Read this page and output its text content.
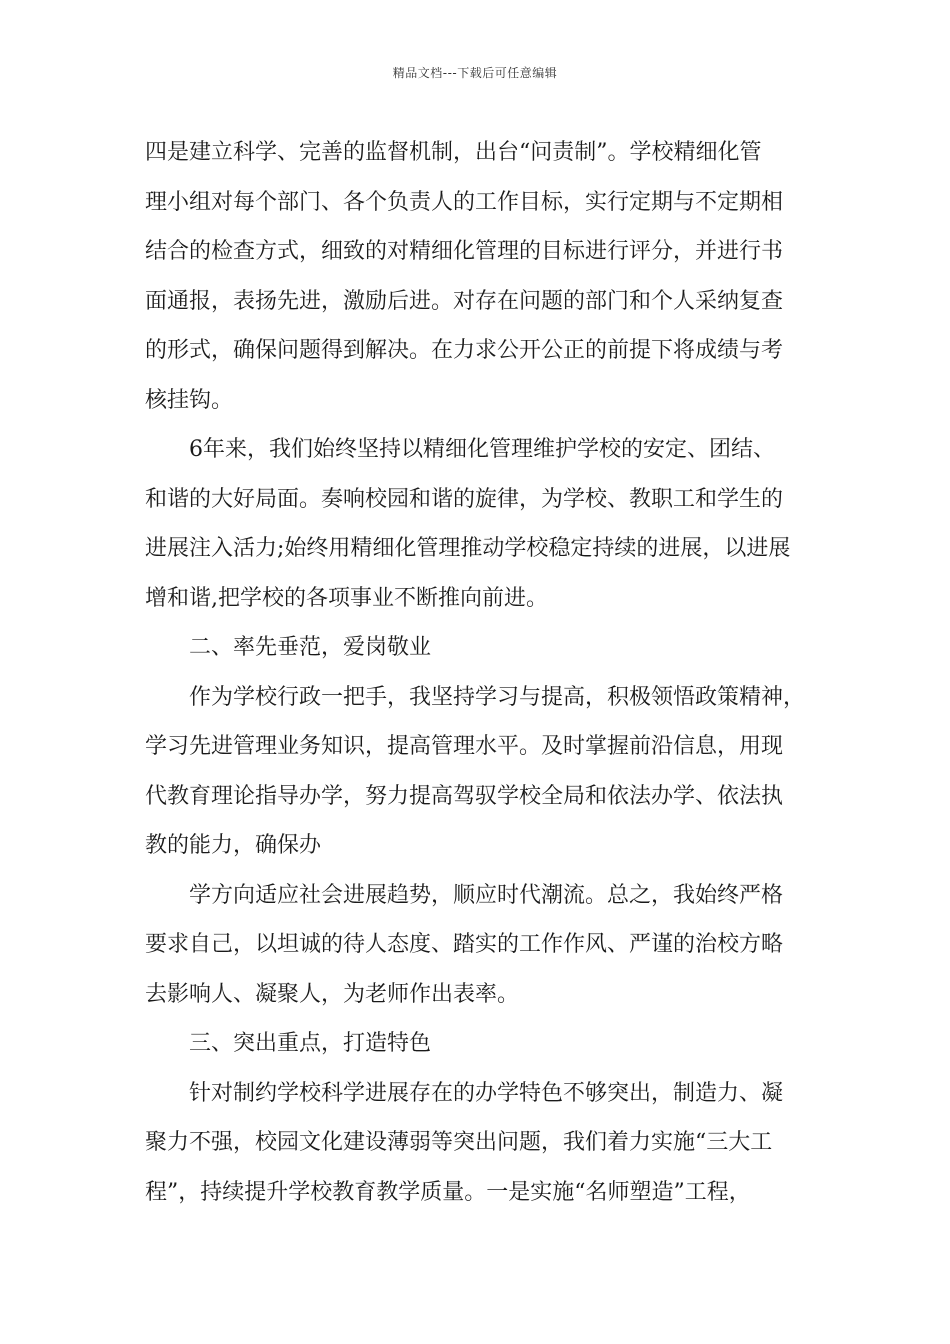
精品文档---下载后可任意编辑
四是建立科学、完善的监督机制，出台“问责制”。学校精细化管
理小组对每个部门、各个负责人的工作目标，实行定期与不定期相
结合的检查方式，细致的对精细化管理的目标进行评分，并进行书
面通报，表扬先进，激励后进。对存在问题的部门和个人采纳复查
的形式，确保问题得到解决。在力求公开公正的前提下将成绩与考
核挂钩。
6年来，我们始终坚持以精细化管理维护学校的安定、团结、
和谐的大好局面。奏响校园和谐的旋律，为学校、教职工和学生的
进展注入活力;始终用精细化管理推动学校稳定持续的进展，以进展
增和谐,把学校的各项事业不断推向前进。
二、率先垂范，爱岗敬业
作为学校行政一把手，我坚持学习与提高，积极领悟政策精神，
学习先进管理业务知识，提高管理水平。及时掌握前沿信息，用现
代教育理论指导办学，努力提高驾驭学校全局和依法办学、依法执
教的能力，确保办
学方向适应社会进展趋势，顺应时代潮流。总之，我始终严格
要求自己，以坦诚的待人态度、踏实的工作作风、严谨的治校方略
去影响人、凝聚人，为老师作出表率。
三、突出重点，打造特色
针对制约学校科学进展存在的办学特色不够突出，制造力、凝
聚力不强，校园文化建设薄弱等突出问题，我们着力实施“三大工
程”，持续提升学校教育教学质量。一是实施“名师塑造”工程，
